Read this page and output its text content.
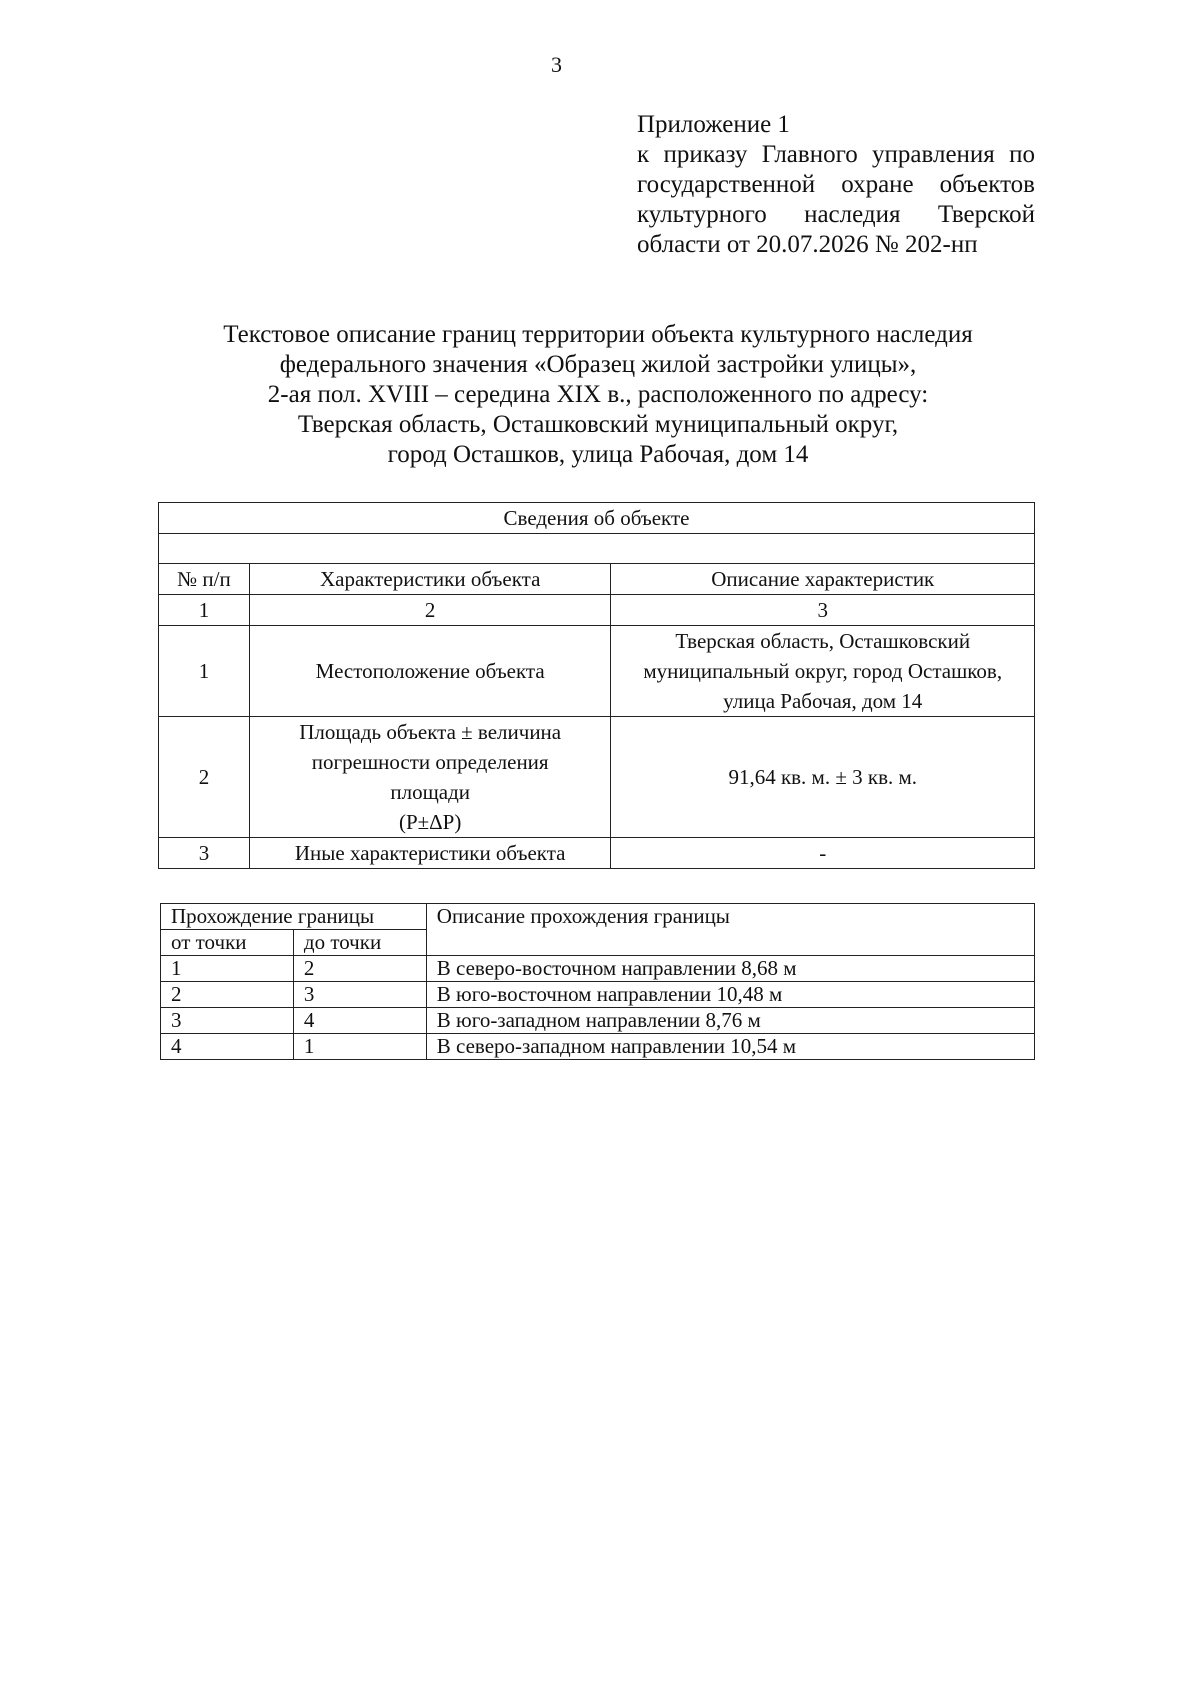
3
Приложение 1
к приказу Главного управления по
государственной охране объектов
культурного наследия Тверской
области от 20.07.2026 № 202-нп
Текстовое описание границ территории объекта культурного наследия
федерального значения «Образец жилой застройки улицы»,
2-ая пол. XVIII – середина XIX в., расположенного по адресу:
Тверская область, Осташковский муниципальный округ,
город Осташков, улица Рабочая, дом 14
Сведения об объекте		

№ п/п	Характеристики объекта	Описание характеристик
1	2	3
1	Местоположение объекта	Тверская область, Осташковский
муниципальный округ, город Осташков,
улица Рабочая, дом 14
2	Площадь объекта ± величина
погрешности определения
площади
(Р±ΔР)	91,64 кв. м. ± 3 кв. м.
3	Иные характеристики объекта	-
Прохождение границы		Описание прохождения границы
от точки	до точки	
1	2	В северо-восточном направлении 8,68 м
2	3	В юго-восточном направлении 10,48 м
3	4	В юго-западном направлении 8,76 м
4	1	В северо-западном направлении 10,54 м
